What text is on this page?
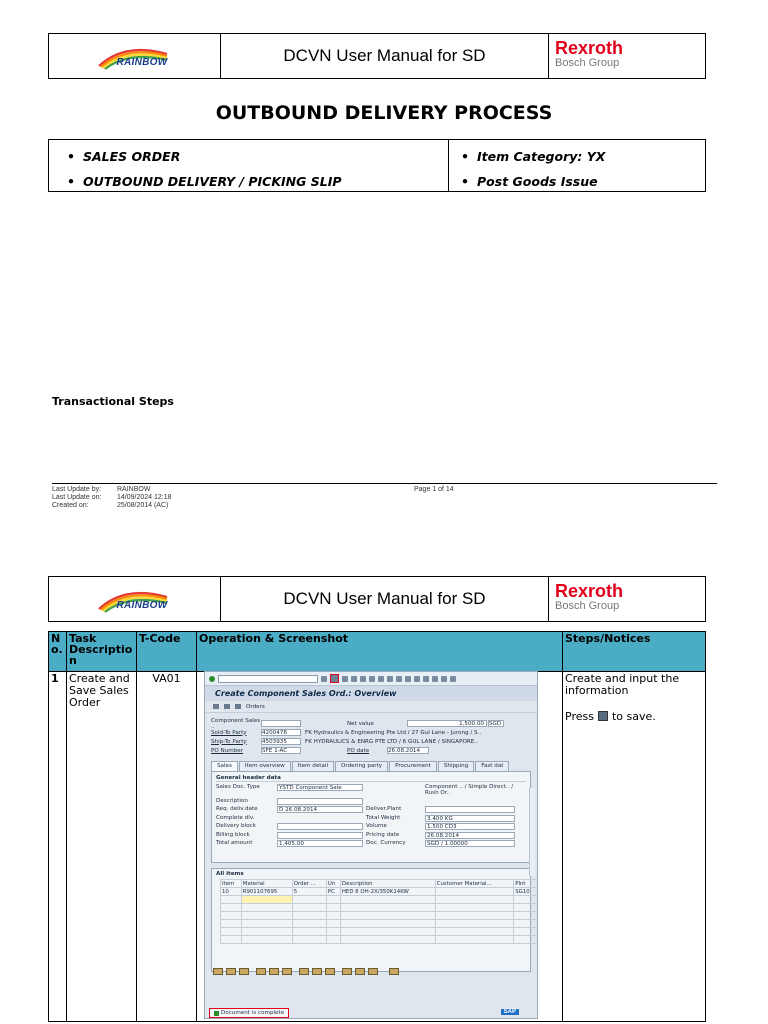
RAINBOW	DCVN User Manual for SD	Rexroth
Bosch Group
OUTBOUND DELIVERY PROCESS
• SALES ORDER
• OUTBOUND DELIVERY / PICKING SLIP
• Item Category: YX
• Post Goods Issue
Transactional Steps
Last Update by: RAINBOW
Last Update on: 14/09/2024 12:18
Created on:	25/08/2014 (AC)
Page 1 of 14
RAINBOW	DCVN User Manual for SD	Rexroth
Bosch Group
N o.	Task Descriptio n	T-Code	Operation & Screenshot	Steps/Notices
1	Create and Save Sales Order	VA01		Create and input the information
Press to save.
Create Component Sales Ord.: Overview
Orders
Component Sales ..	Net value	1,500.00 SGD
Sold-To Party	4200478	FK Hydraulics & Engineering Pte Ltd / 27 Gul Lane - Jurong / S..
Ship-To Party	4503935	FK HYDRAULICS & ENRG PTE LTD / 6 GUL LANE / SINGAPORE..
PO Number	SFE 1-AC	PO date	26.08.2014
Sales	Item overview	Item detail	Ordering party	Procurement	Shipping	Fast dat
General header data
Sales Doc. Type	YSTD Component Sale	Component .. / Simple Direct.. / Rush Or..
Description
Req. deliv.date	D 26.08.2014	Deliver.Plant
Complete dlv.	Total Weight	3.400 KG
Delivery block	Volume	1.500 CD3
Billing block	Pricing date	26.08.2014
Total amount	1,405.00	Doc. Currency	SGD / 1.00000
All items
Item	Material	Order ...	Un	Description	Customer Material...	Plnt
10	R901107695	5	PC	HED 8 OH-2X/350K14KW		SG10

Document is complete	SAP
